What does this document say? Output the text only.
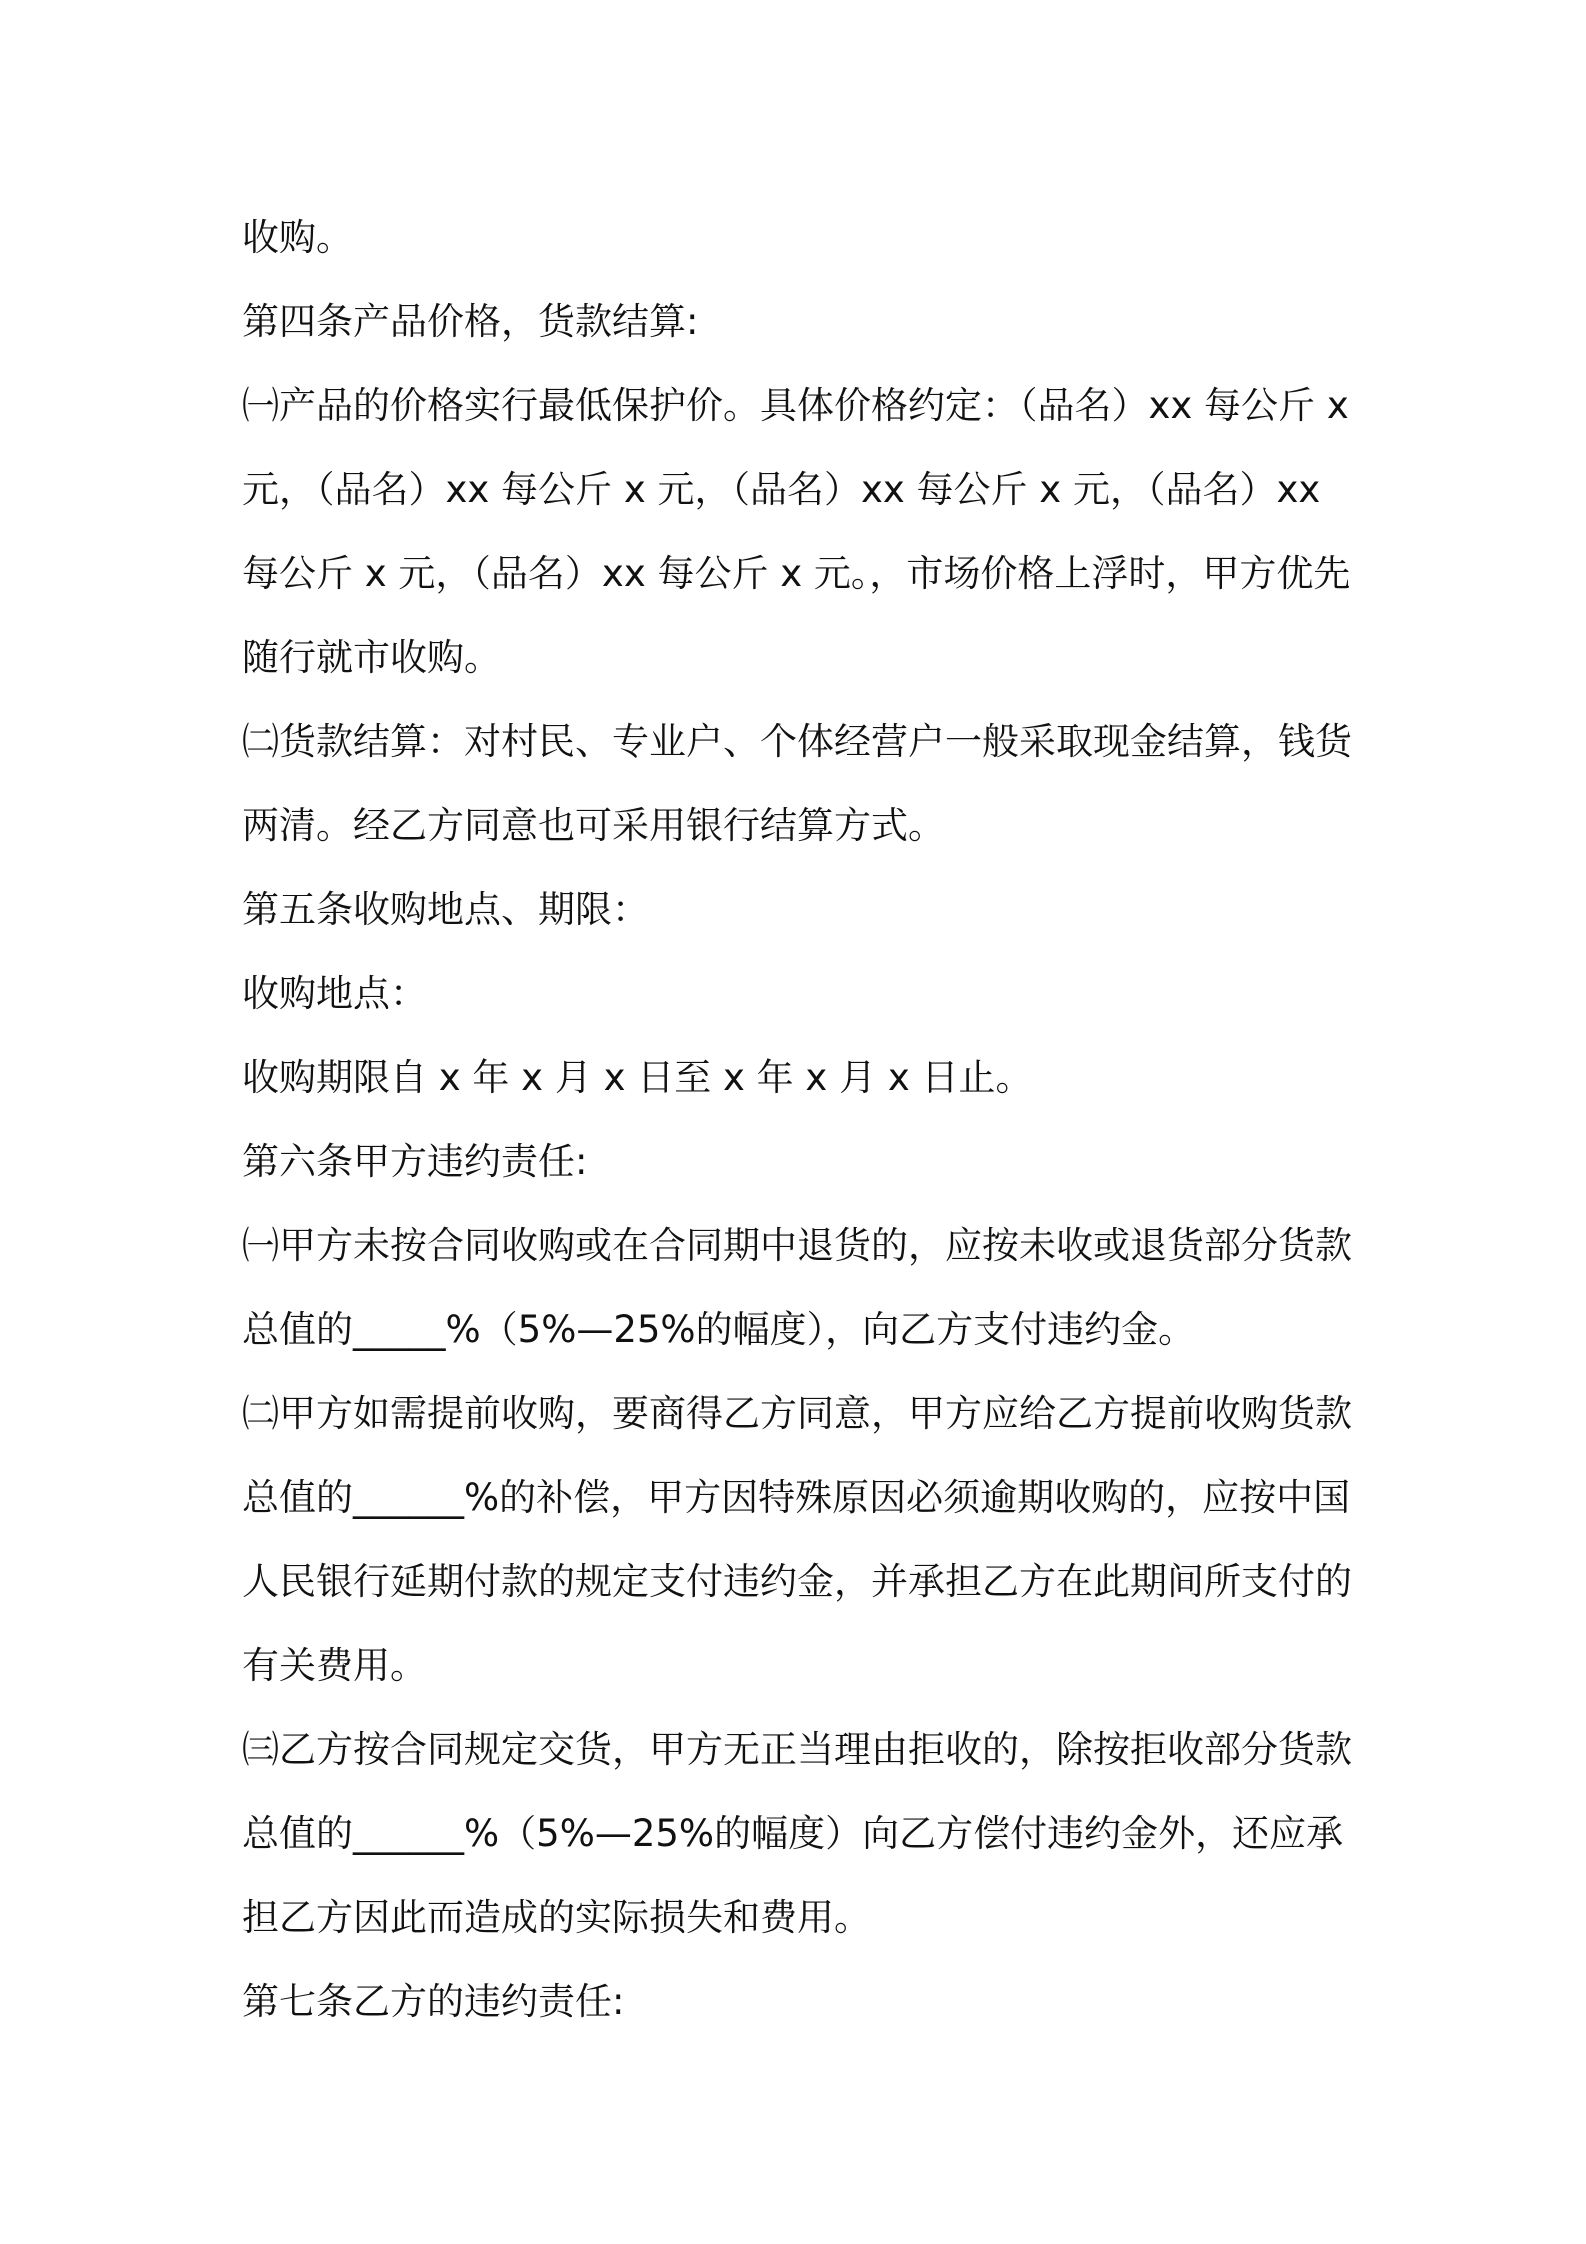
收购。

第四条产品价格，货款结算:

㈠产品的价格实行最低保护价。具体价格约定：（品名）xx 每公斤 x 元，（品名）xx 每公斤 x 元，（品名）xx 每公斤 x 元，（品名）xx 每公斤 x 元，（品名）xx 每公斤 x 元。，市场价格上浮时，甲方优先随行就市收购。

㈡货款结算：对村民、专业户、个体经营户一般采取现金结算，钱货两清。经乙方同意也可采用银行结算方式。

第五条收购地点、期限：

收购地点：

收购期限自 x 年 x 月 x 日至 x 年 x 月 x 日止。

第六条甲方违约责任:

㈠甲方未按合同收购或在合同期中退货的，应按未收或退货部分货款总值的_____%（5%—25%的幅度），向乙方支付违约金。

㈡甲方如需提前收购，要商得乙方同意，甲方应给乙方提前收购货款总值的______%的补偿，甲方因特殊原因必须逾期收购的，应按中国人民银行延期付款的规定支付违约金，并承担乙方在此期间所支付的有关费用。

㈢乙方按合同规定交货，甲方无正当理由拒收的，除按拒收部分货款总值的______%（5%—25%的幅度）向乙方偿付违约金外，还应承担乙方因此而造成的实际损失和费用。

第七条乙方的违约责任:
